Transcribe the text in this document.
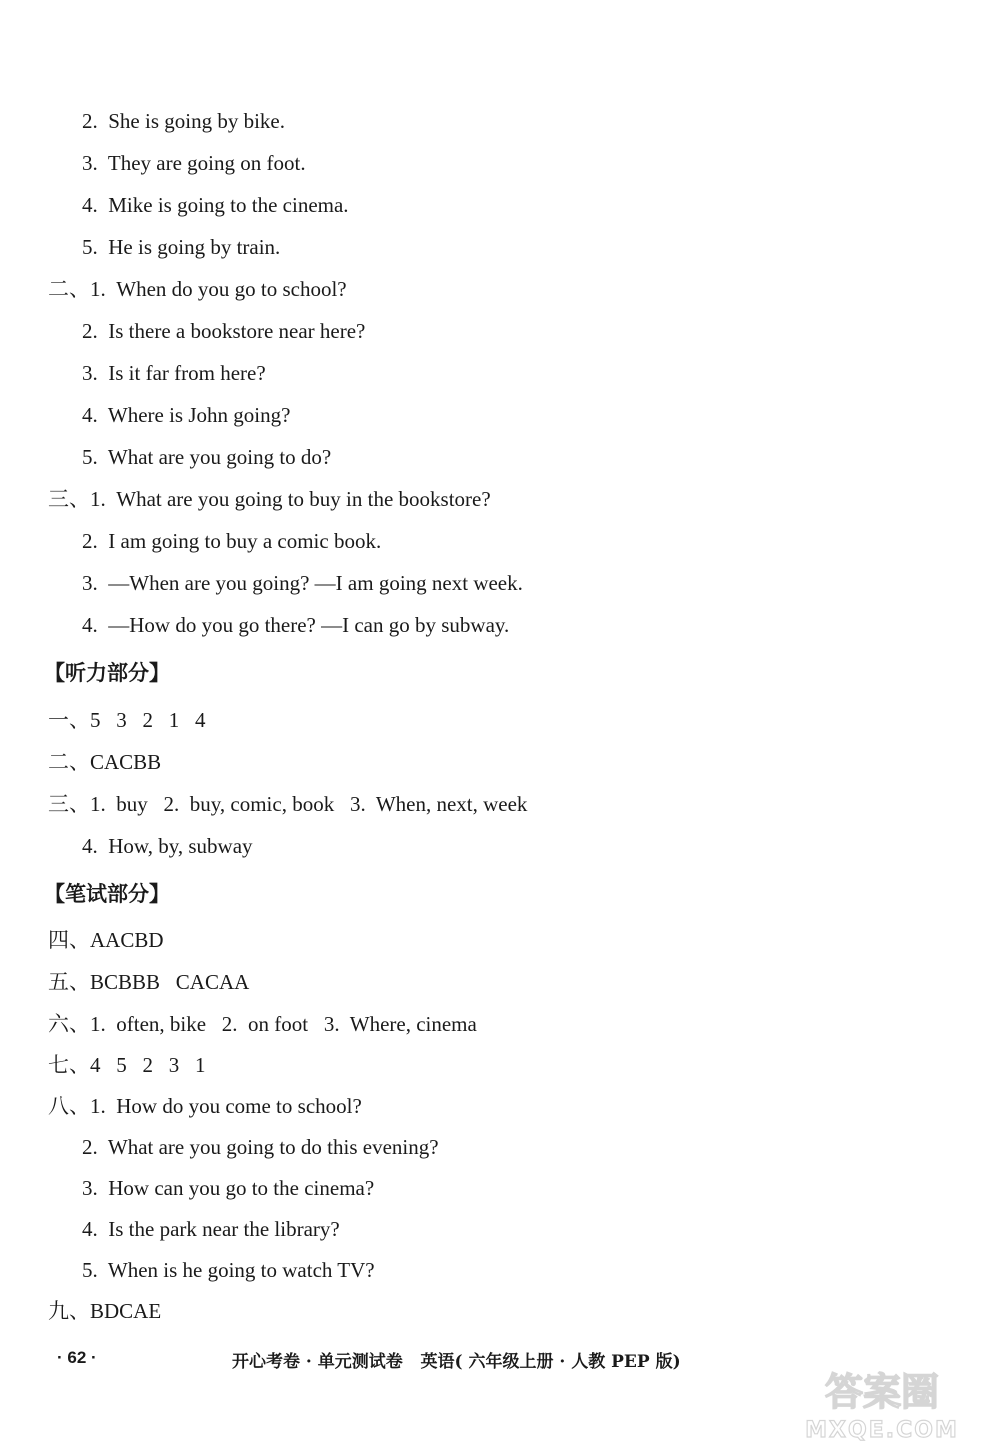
2.  She is going by bike.
3.  They are going on foot.
4.  Mike is going to the cinema.
5.  He is going by train.
二、1.  When do you go to school?
2.  Is there a bookstore near here?
3.  Is it far from here?
4.  Where is John going?
5.  What are you going to do?
三、1.  What are you going to buy in the bookstore?
2.  I am going to buy a comic book.
3.  —When are you going? —I am going next week.
4.  —How do you go there? —I can go by subway.
【听力部分】
一、5   3   2   1   4
二、CACBB
三、1.  buy   2.  buy, comic, book   3.  When, next, week
4.  How, by, subway
【笔试部分】
四、AACBD
五、BCBBB   CACAA
六、1.  often, bike   2.  on foot   3.  Where, cinema
七、4   5   2   3   1
八、1.  How do you come to school?
2.  What are you going to do this evening?
3.  How can you go to the cinema?
4.  Is the park near the library?
5.  When is he going to watch TV?
九、BDCAE
· 62 ·	开心考卷 · 单元测试卷   英语( 六年级上册 · 人教 PEP 版)
答案圈
MXQE.COM
